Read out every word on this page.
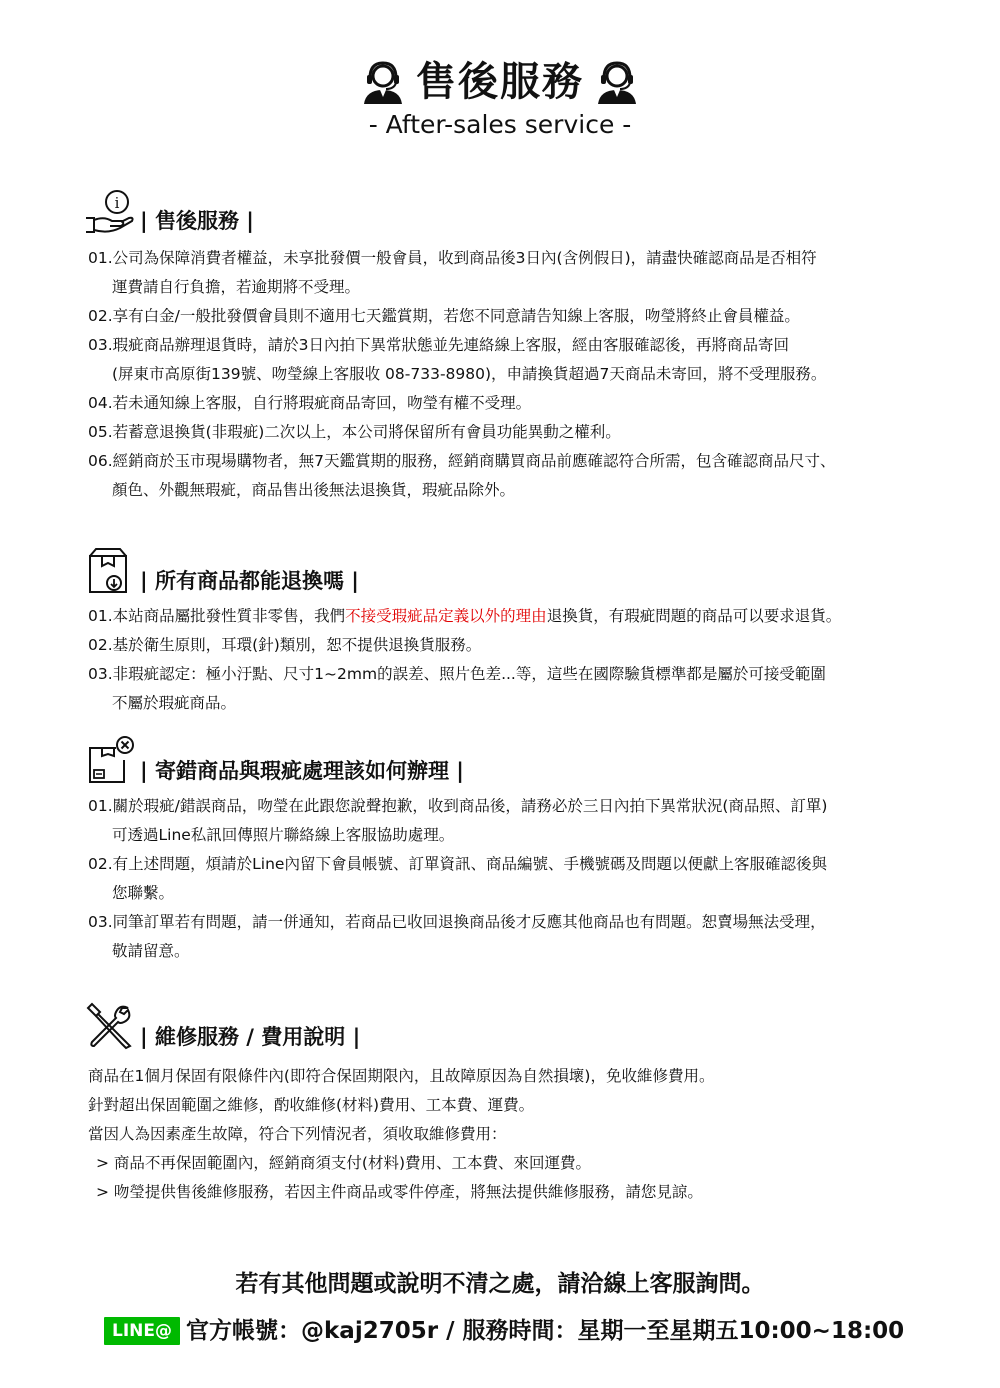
售後服務
- After-sales service -
i
| 售後服務 |
01.公司為保障消費者權益，未享批發價一般會員，收到商品後3日內(含例假日)，請盡快確認商品是否相符
運費請自行負擔，若逾期將不受理。
02.享有白金/一般批發價會員則不適用七天鑑賞期，若您不同意請告知線上客服，吻瑩將終止會員權益。
03.瑕疵商品辦理退貨時，請於3日內拍下異常狀態並先連絡線上客服，經由客服確認後，再將商品寄回
(屏東市高原街139號、吻瑩線上客服收 08-733-8980)，申請換貨超過7天商品未寄回，將不受理服務。
04.若未通知線上客服，自行將瑕疵商品寄回，吻瑩有權不受理。
05.若蓄意退換貨(非瑕疵)二次以上，本公司將保留所有會員功能異動之權利。
06.經銷商於玉市現場購物者，無7天鑑賞期的服務，經銷商購買商品前應確認符合所需，包含確認商品尺寸、
顏色、外觀無瑕疵，商品售出後無法退換貨，瑕疵品除外。
| 所有商品都能退換嗎 |
01.本站商品屬批發性質非零售，我們不接受瑕疵品定義以外的理由退換貨，有瑕疵問題的商品可以要求退貨。
02.基於衛生原則，耳環(針)類別，恕不提供退換貨服務。
03.非瑕疵認定：極小汙點、尺寸1~2mm的誤差、照片色差...等，這些在國際驗貨標準都是屬於可接受範圍
不屬於瑕疵商品。
| 寄錯商品與瑕疵處理該如何辦理 |
01.關於瑕疵/錯誤商品，吻瑩在此跟您說聲抱歉，收到商品後，請務必於三日內拍下異常狀況(商品照、訂單)
可透過Line私訊回傳照片聯絡線上客服協助處理。
02.有上述問題，煩請於Line內留下會員帳號、訂單資訊、商品編號、手機號碼及問題以便獻上客服確認後與
您聯繫。
03.同筆訂單若有問題，請一併通知，若商品已收回退換商品後才反應其他商品也有問題。恕賣場無法受理，
敬請留意。
| 維修服務 / 費用說明 |
商品在1個月保固有限條件內(即符合保固期限內，且故障原因為自然損壞)，免收維修費用。
針對超出保固範圍之維修，酌收維修(材料)費用、工本費、運費。
當因人為因素產生故障，符合下列情況者，須收取維修費用：
> 商品不再保固範圍內，經銷商須支付(材料)費用、工本費、來回運費。
> 吻瑩提供售後維修服務，若因主件商品或零件停產，將無法提供維修服務，請您見諒。
若有其他問題或說明不清之處，請洽線上客服詢問。
LINE@ 官方帳號：@kaj2705r / 服務時間：星期一至星期五10:00~18:00
